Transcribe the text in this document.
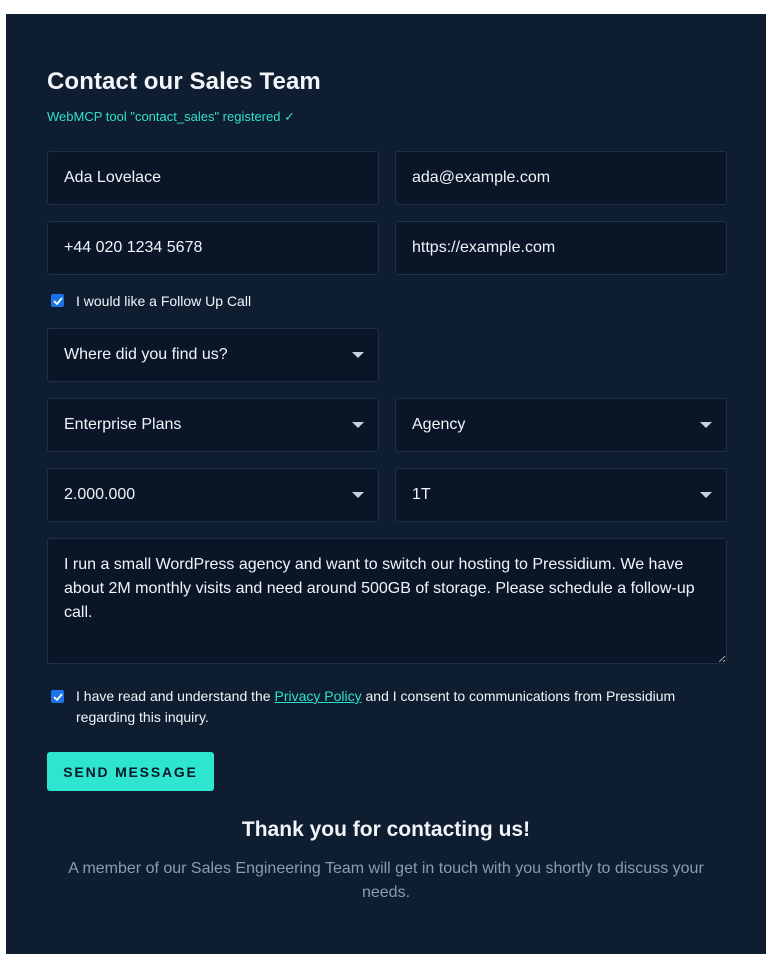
Contact our Sales Team
WebMCP tool "contact_sales" registered ✓
Ada Lovelace
ada@example.com
+44 020 1234 5678
https://example.com
I would like a Follow Up Call
Where did you find us?
Enterprise Plans	Agency
2.000.000	1T
I run a small WordPress agency and want to switch our hosting to Pressidium. We have about 2M monthly visits and need around 500GB of storage. Please schedule a follow-up call.
I have read and understand the Privacy Policy and I consent to communications from Pressidium regarding this inquiry.
SEND MESSAGE
Thank you for contacting us!
A member of our Sales Engineering Team will get in touch with you shortly to discuss your needs.
